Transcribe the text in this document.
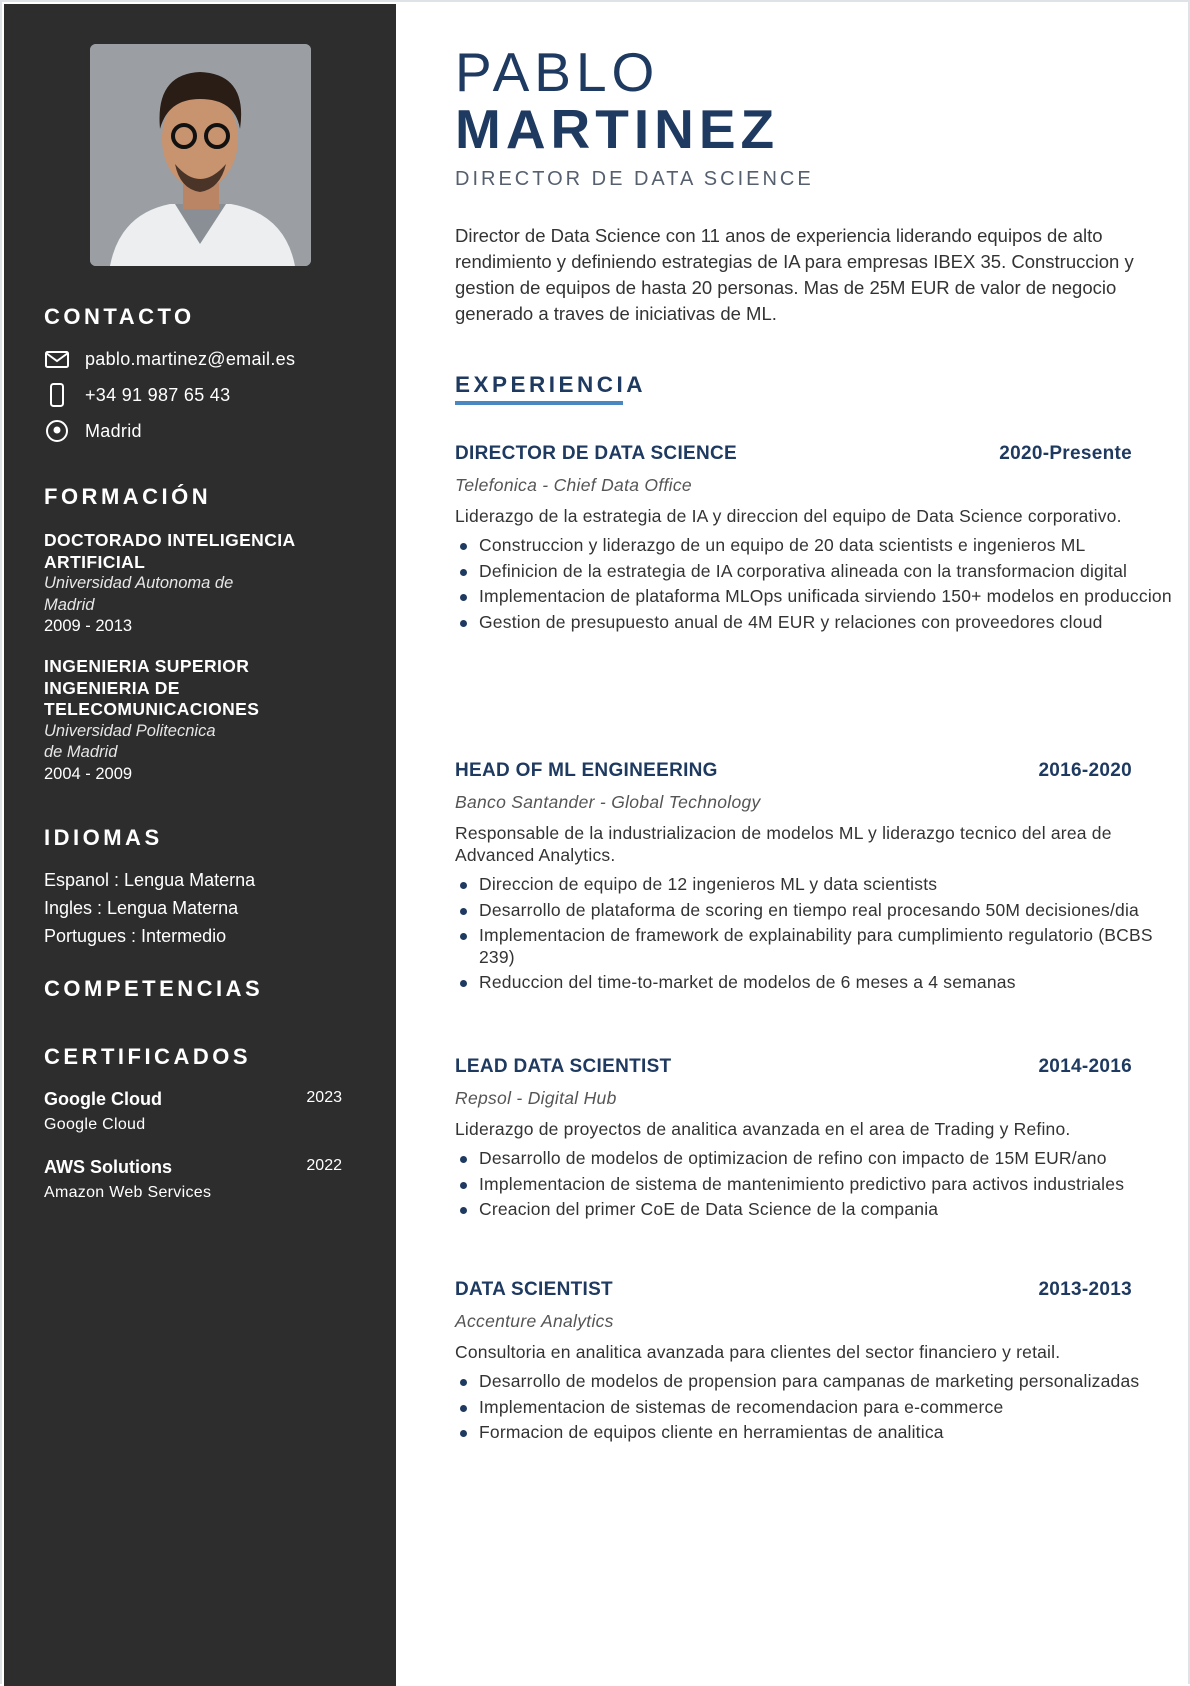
CONTACTO
pablo.martinez@email.es
+34 91 987 65 43
Madrid
FORMACIÓN
DOCTORADO INTELIGENCIA ARTIFICIAL
Universidad Autonoma de Madrid
2009 - 2013
INGENIERIA SUPERIOR INGENIERIA DE TELECOMUNICACIONES
Universidad Politecnica de Madrid
2004 - 2009
IDIOMAS
Espanol : Lengua Materna
Ingles : Lengua Materna
Portugues : Intermedio
COMPETENCIAS
CERTIFICADOS
Google Cloud	2023
Google Cloud
AWS Solutions	2022
Amazon Web Services
PABLO
MARTINEZ
DIRECTOR DE DATA SCIENCE
Director de Data Science con 11 anos de experiencia liderando equipos de alto rendimiento y definiendo estrategias de IA para empresas IBEX 35. Construccion y gestion de equipos de hasta 20 personas. Mas de 25M EUR de valor de negocio generado a traves de iniciativas de ML.
EXPERIENCIA
DIRECTOR DE DATA SCIENCE	2020-Presente
Telefonica - Chief Data Office
Liderazgo de la estrategia de IA y direccion del equipo de Data Science corporativo.
Construccion y liderazgo de un equipo de 20 data scientists e ingenieros ML
Definicion de la estrategia de IA corporativa alineada con la transformacion digital
Implementacion de plataforma MLOps unificada sirviendo 150+ modelos en produccion
Gestion de presupuesto anual de 4M EUR y relaciones con proveedores cloud
HEAD OF ML ENGINEERING	2016-2020
Banco Santander - Global Technology
Responsable de la industrializacion de modelos ML y liderazgo tecnico del area de Advanced Analytics.
Direccion de equipo de 12 ingenieros ML y data scientists
Desarrollo de plataforma de scoring en tiempo real procesando 50M decisiones/dia
Implementacion de framework de explainability para cumplimiento regulatorio (BCBS 239)
Reduccion del time-to-market de modelos de 6 meses a 4 semanas
LEAD DATA SCIENTIST	2014-2016
Repsol - Digital Hub
Liderazgo de proyectos de analitica avanzada en el area de Trading y Refino.
Desarrollo de modelos de optimizacion de refino con impacto de 15M EUR/ano
Implementacion de sistema de mantenimiento predictivo para activos industriales
Creacion del primer CoE de Data Science de la compania
DATA SCIENTIST	2013-2013
Accenture Analytics
Consultoria en analitica avanzada para clientes del sector financiero y retail.
Desarrollo de modelos de propension para campanas de marketing personalizadas
Implementacion de sistemas de recomendacion para e-commerce
Formacion de equipos cliente en herramientas de analitica
